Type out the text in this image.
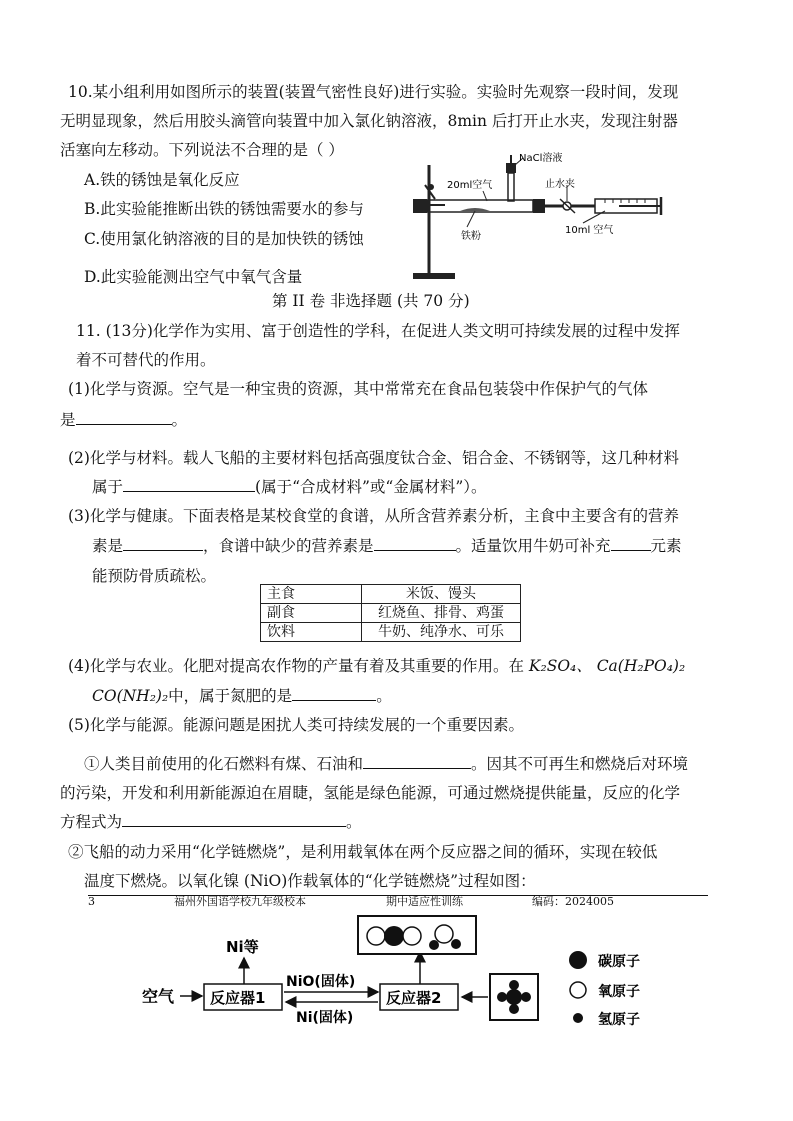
10.某小组利用如图所示的装置(装置气密性良好)进行实验。实验时先观察一段时间，发现
无明显现象，然后用胶头滴管向装置中加入氯化钠溶液，8min 后打开止水夹，发现注射器
活塞向左移动。下列说法不合理的是（ ）
A.铁的锈蚀是氧化反应
B.此实验能推断出铁的锈蚀需要水的参与
C.使用氯化钠溶液的目的是加快铁的锈蚀
D.此实验能测出空气中氧气含量
NaCl溶液
20ml空气	止水夹
铁粉
10ml 空气
第 II 卷 非选择题 (共 70 分)
11. (13分)化学作为实用、富于创造性的学科，在促进人类文明可持续发展的过程中发挥
着不可替代的作用。
(1)化学与资源。空气是一种宝贵的资源，其中常常充在食品包装袋中作保护气的气体
是	。
(2)化学与材料。载人飞船的主要材料包括高强度钛合金、铝合金、不锈钢等，这几种材料
属于	(属于“合成材料”或“金属材料”）。
(3)化学与健康。下面表格是某校食堂的食谱，从所含营养素分析，主食中主要含有的营养
素是	，食谱中缺少的营养素是	。适量饮用牛奶可补充	元素
能预防骨质疏松。
主食	米饭、馒头
副食	红烧鱼、排骨、鸡蛋
饮料	牛奶、纯净水、可乐
(4)化学与农业。化肥对提高农作物的产量有着及其重要的作用。在 K₂SO₄、 Ca(H₂PO₄)₂
CO(NH₂)₂中，属于氮肥的是	。
(5)化学与能源。能源问题是困扰人类可持续发展的一个重要因素。
①人类目前使用的化石燃料有煤、石油和	。因其不可再生和燃烧后对环境
的污染，开发和利用新能源迫在眉睫，氢能是绿色能源，可通过燃烧提供能量，反应的化学
方程式为	。
②飞船的动力采用“化学链燃烧”，是利用载氧体在两个反应器之间的循环，实现在较低
温度下燃烧。以氧化镍 (NiO)作载氧体的“化学链燃烧”过程如图：
3	福州外国语学校九年级校本	期中适应性训练	编码：2024005
Ni等
空气 反应器1
NiO(固体)
Ni(固体)
反应器2
碳原子
氧原子
氢原子
